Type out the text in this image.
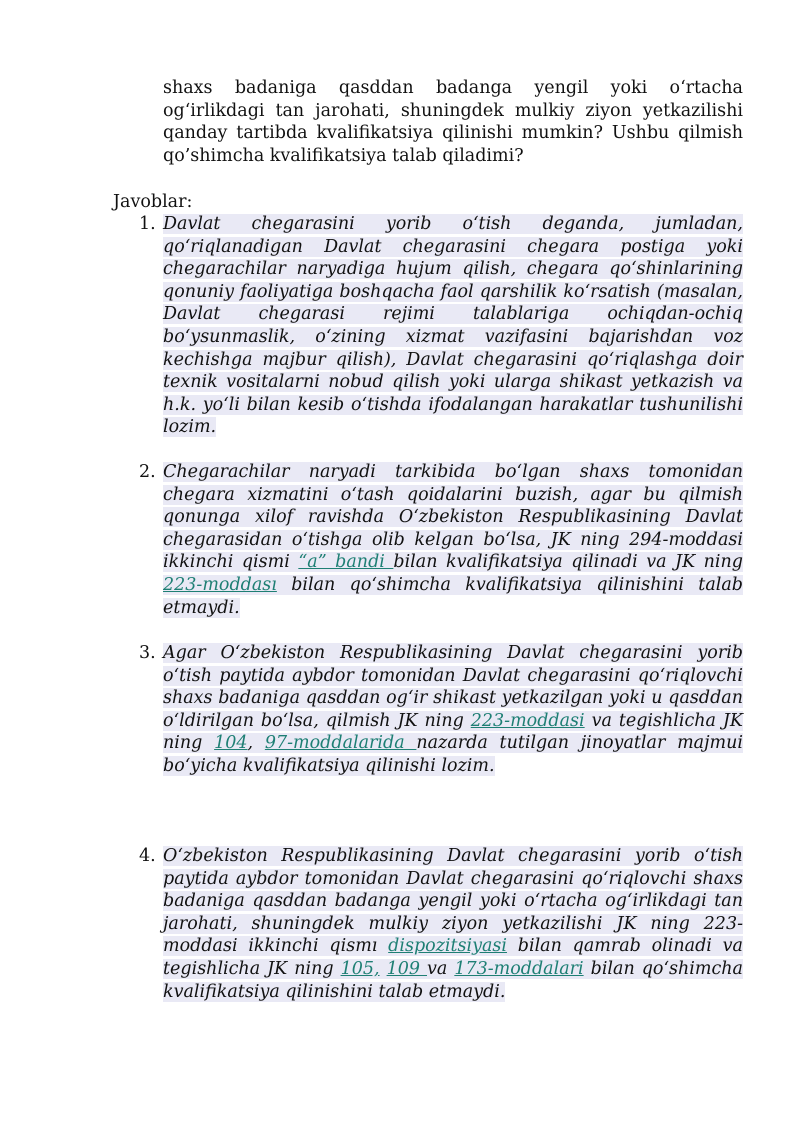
shaxs badaniga qasddan badanga yengil yoki o‘rtacha og‘irlikdagi tan jarohati, shuningdek mulkiy ziyon yetkazilishi qanday tartibda kvalifikatsiya qilinishi mumkin? Ushbu qilmish qo’shimcha kvalifikatsiya talab qiladimi?

Javoblar:

1. Davlat chegarasini yorib o‘tish deganda, jumladan, qo‘riqlanadigan Davlat chegarasini chegara postiga yoki chegarachilar naryadiga hujum qilish, chegara qo‘shinlarining qonuniy faoliyatiga boshqacha faol qarshilik ko‘rsatish (masalan, Davlat chegarasi rejimi talablariga ochiqdan-ochiq bo‘ysunmaslik, o‘zining xizmat vazifasini bajarishdan voz kechishga majbur qilish), Davlat chegarasini qo‘riqlashga doir texnik vositalarni nobud qilish yoki ularga shikast yetkazish va h.k. yo‘li bilan kesib o‘tishda ifodalangan harakatlar tushunilishi lozim.

2. Chegarachilar naryadi tarkibida bo‘lgan shaxs tomonidan chegara xizmatini o‘tash qoidalarini buzish, agar bu qilmish qonunga xilof ravishda O‘zbekiston Respublikasining Davlat chegarasidan o‘tishga olib kelgan bo‘lsa, JK ning 294-moddasi ikkinchi qismi “a” bandi bilan kvalifikatsiya qilinadi va JK ning 223-moddası bilan qo‘shimcha kvalifikatsiya qilinishini talab etmaydi.

3. Agar O‘zbekiston Respublikasining Davlat chegarasini yorib o‘tish paytida aybdor tomonidan Davlat chegarasini qo‘riqlovchi shaxs badaniga qasddan og‘ir shikast yetkazilgan yoki u qasddan o‘ldirilgan bo‘lsa, qilmish JK ning 223-moddasi va tegishlicha JK ning 104, 97-moddalarida nazarda tutilgan jinoyatlar majmui bo‘yicha kvalifikatsiya qilinishi lozim.

4. O‘zbekiston Respublikasining Davlat chegarasini yorib o‘tish paytida aybdor tomonidan Davlat chegarasini qo‘riqlovchi shaxs badaniga qasddan badanga yengil yoki o‘rtacha og‘irlikdagi tan jarohati, shuningdek mulkiy ziyon yetkazilishi JK ning 223-moddasi ikkinchi qismı dispozitsiyasi bilan qamrab olinadi va tegishlicha JK ning 105, 109 va 173-moddalari bilan qo‘shimcha kvalifikatsiya qilinishini talab etmaydi.
